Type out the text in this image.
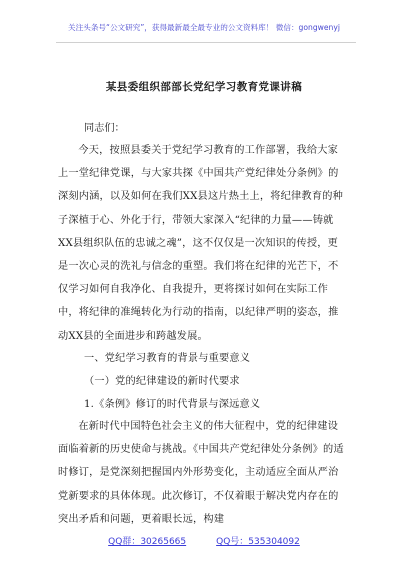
关注头条号“公文研究”，获得最新最全最专业的公文资料库！ 微信：gongwenyj
某县委组织部部长党纪学习教育党课讲稿
同志们：

今天，按照县委关于党纪学习教育的工作部署，我给大家上一堂纪律党课，与大家共探《中国共产党纪律处分条例》的深刻内涵，以及如何在我们XX县这片热土上，将纪律教育的种子深植于心、外化于行，带领大家深入“纪律的力量——铸就XX县组织队伍的忠诚之魂”，这不仅仅是一次知识的传授，更是一次心灵的洗礼与信念的重塑。我们将在纪律的光芒下，不仅学习如何自我净化、自我提升，更将探讨如何在实际工作中，将纪律的准绳转化为行动的指南，以纪律严明的姿态，推动XX县的全面进步和跨越发展。

一、党纪学习教育的背景与重要意义
（一）党的纪律建设的新时代要求
1.《条例》修订的时代背景与深远意义

在新时代中国特色社会主义的伟大征程中，党的纪律建设面临着新的历史使命与挑战。《中国共产党纪律处分条例》的适时修订，是党深刻把握国内外形势变化，主动适应全面从严治党新要求的具体体现。此次修订，不仅着眼于解决党内存在的突出矛盾和问题，更着眼长远，构建

QQ群：30265665	QQ号：535304092
